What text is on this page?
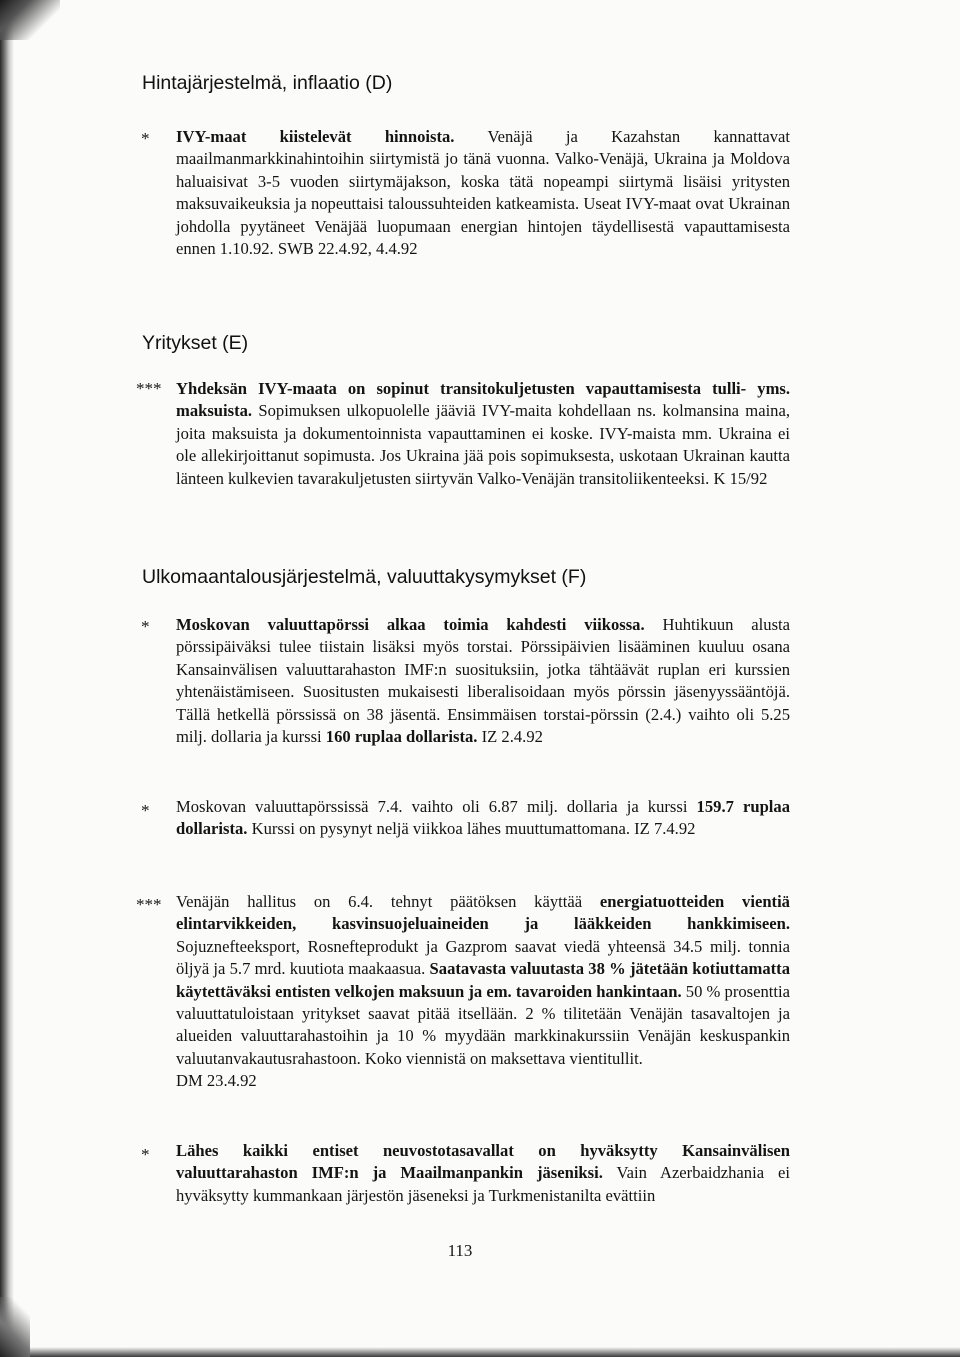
Hintajärjestelmä, inflaatio (D)
* IVY-maat kiistelevät hinnoista. Venäjä ja Kazahstan kannattavat maailmanmarkkinahintoihin siirtymistä jo tänä vuonna. Valko-Venäjä, Ukraina ja Moldova haluaisivat 3-5 vuoden siirtymäjakson, koska tätä nopeampi siirtymä lisäisi yritysten maksuvaikeuksia ja nopeuttaisi taloussuhteiden katkeamista. Useat IVY-maat ovat Ukrainan johdolla pyytäneet Venäjää luopumaan energian hintojen täydellisestä vapauttamisesta ennen 1.10.92. SWB 22.4.92, 4.4.92

Yritykset (E)
*** Yhdeksän IVY-maata on sopinut transitokuljetusten vapauttamisesta tulli- yms. maksuista. Sopimuksen ulkopuolelle jääviä IVY-maita kohdellaan ns. kolmansina maina, joita maksuista ja dokumentoinnista vapauttaminen ei koske. IVY-maista mm. Ukraina ei ole allekirjoittanut sopimusta. Jos Ukraina jää pois sopimuksesta, uskotaan Ukrainan kautta länteen kulkevien tavarakuljetusten siirtyvän Valko-Venäjän transitoliikenteeksi. K 15/92

Ulkomaantalousjärjestelmä, valuuttakysymykset (F)
* Moskovan valuuttapörssi alkaa toimia kahdesti viikossa. Huhtikuun alusta pörssipäiväksi tulee tiistain lisäksi myös torstai. Pörssipäivien lisääminen kuuluu osana Kansainvälisen valuuttarahaston IMF:n suosituksiin, jotka tähtäävät ruplan eri kurssien yhtenäistämiseen. Suositusten mukaisesti liberalisoidaan myös pörssin jäsenyyssääntöjä. Tällä hetkellä pörssissä on 38 jäsentä. Ensimmäisen torstai-pörssin (2.4.) vaihto oli 5.25 milj. dollaria ja kurssi 160 ruplaa dollarista. IZ 2.4.92

* Moskovan valuuttapörssissä 7.4. vaihto oli 6.87 milj. dollaria ja kurssi 159.7 ruplaa dollarista. Kurssi on pysynyt neljä viikkoa lähes muuttumattomana. IZ 7.4.92

*** Venäjän hallitus on 6.4. tehnyt päätöksen käyttää energiatuotteiden vientiä elintarvikkeiden, kasvinsuojeluaineiden ja lääkkeiden hankkimiseen. Sojuznefteeksport, Rosnefteprodukt ja Gazprom saavat viedä yhteensä 34.5 milj. tonnia öljyä ja 5.7 mrd. kuutiota maakaasua. Saatavasta valuutasta 38 % jätetään kotiuttamatta käytettäväksi entisten velkojen maksuun ja em. tavaroiden hankintaan. 50 % prosenttia valuuttatuloistaan yritykset saavat pitää itsellään. 2 % tilitetään Venäjän tasavaltojen ja alueiden valuuttarahastoihin ja 10 % myydään markkinakurssiin Venäjän keskuspankin valuutanvakautusrahastoon. Koko viennistä on maksettava vientitullit.
DM 23.4.92

* Lähes kaikki entiset neuvostotasavallat on hyväksytty Kansainvälisen valuuttarahaston IMF:n ja Maailmanpankin jäseniksi. Vain Azerbaidzhania ei hyväksytty kummankaan järjestön jäseneksi ja Turkmenistanilta evättiin

113
